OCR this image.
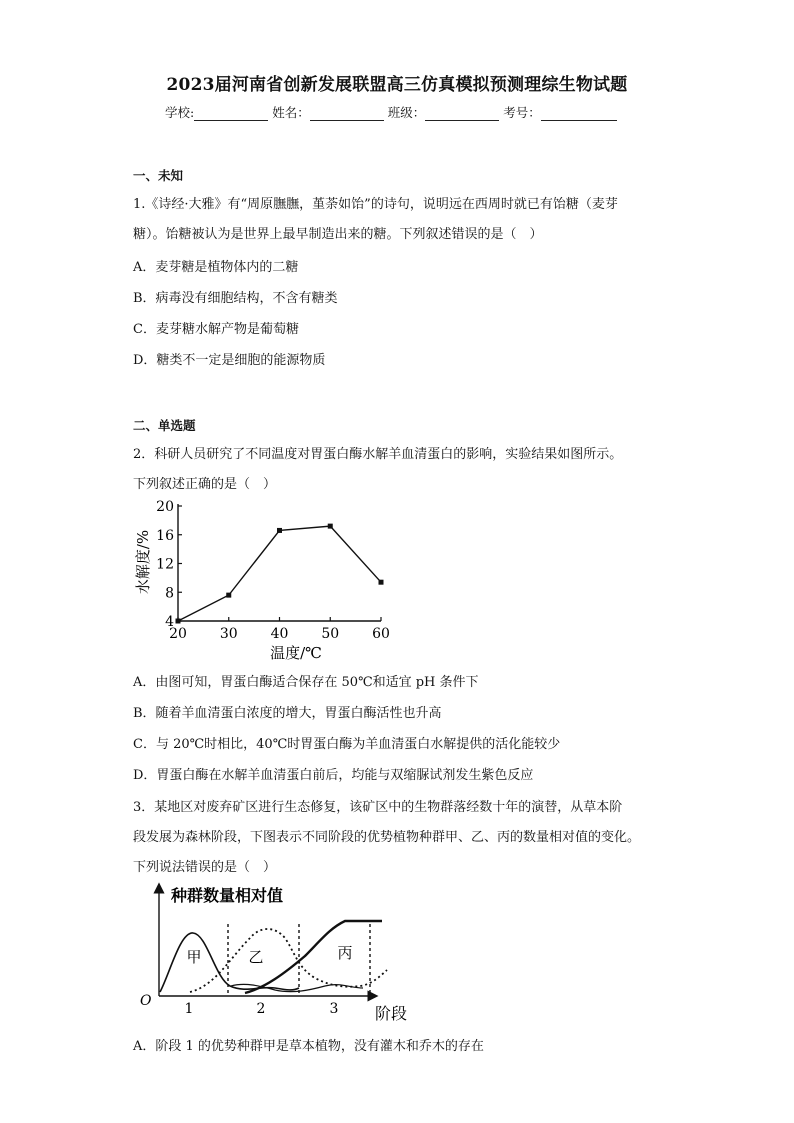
2023届河南省创新发展联盟高三仿真模拟预测理综生物试题
学校:	姓名：	班级：	考号：
一、未知
1.《诗经·大雅》有“周原膴膴，堇荼如饴”的诗句，说明远在西周时就已有饴糖（麦芽
糖）。饴糖被认为是世界上最早制造出来的糖。下列叙述错误的是（　）
A．麦芽糖是植物体内的二糖
B．病毒没有细胞结构，不含有糖类
C．麦芽糖水解产物是葡萄糖
D．糖类不一定是细胞的能源物质
二、单选题
2．科研人员研究了不同温度对胃蛋白酶水解羊血清蛋白的影响，实验结果如图所示。
下列叙述正确的是（　）
4
8
12
16
20
20 30 40 50 60
温度/℃
水解度/%
A．由图可知，胃蛋白酶适合保存在 50℃和适宜 pH 条件下
B．随着羊血清蛋白浓度的增大，胃蛋白酶活性也升高
C．与 20℃时相比，40℃时胃蛋白酶为羊血清蛋白水解提供的活化能较少
D．胃蛋白酶在水解羊血清蛋白前后，均能与双缩脲试剂发生紫色反应
3．某地区对废弃矿区进行生态修复，该矿区中的生物群落经数十年的演替，从草本阶
段发展为森林阶段，下图表示不同阶段的优势植物种群甲、乙、丙的数量相对值的变化。
下列说法错误的是（　）
种群数量相对值
O 1	2	3 阶段
甲	乙	丙
A．阶段 1 的优势种群甲是草本植物，没有灌木和乔木的存在
